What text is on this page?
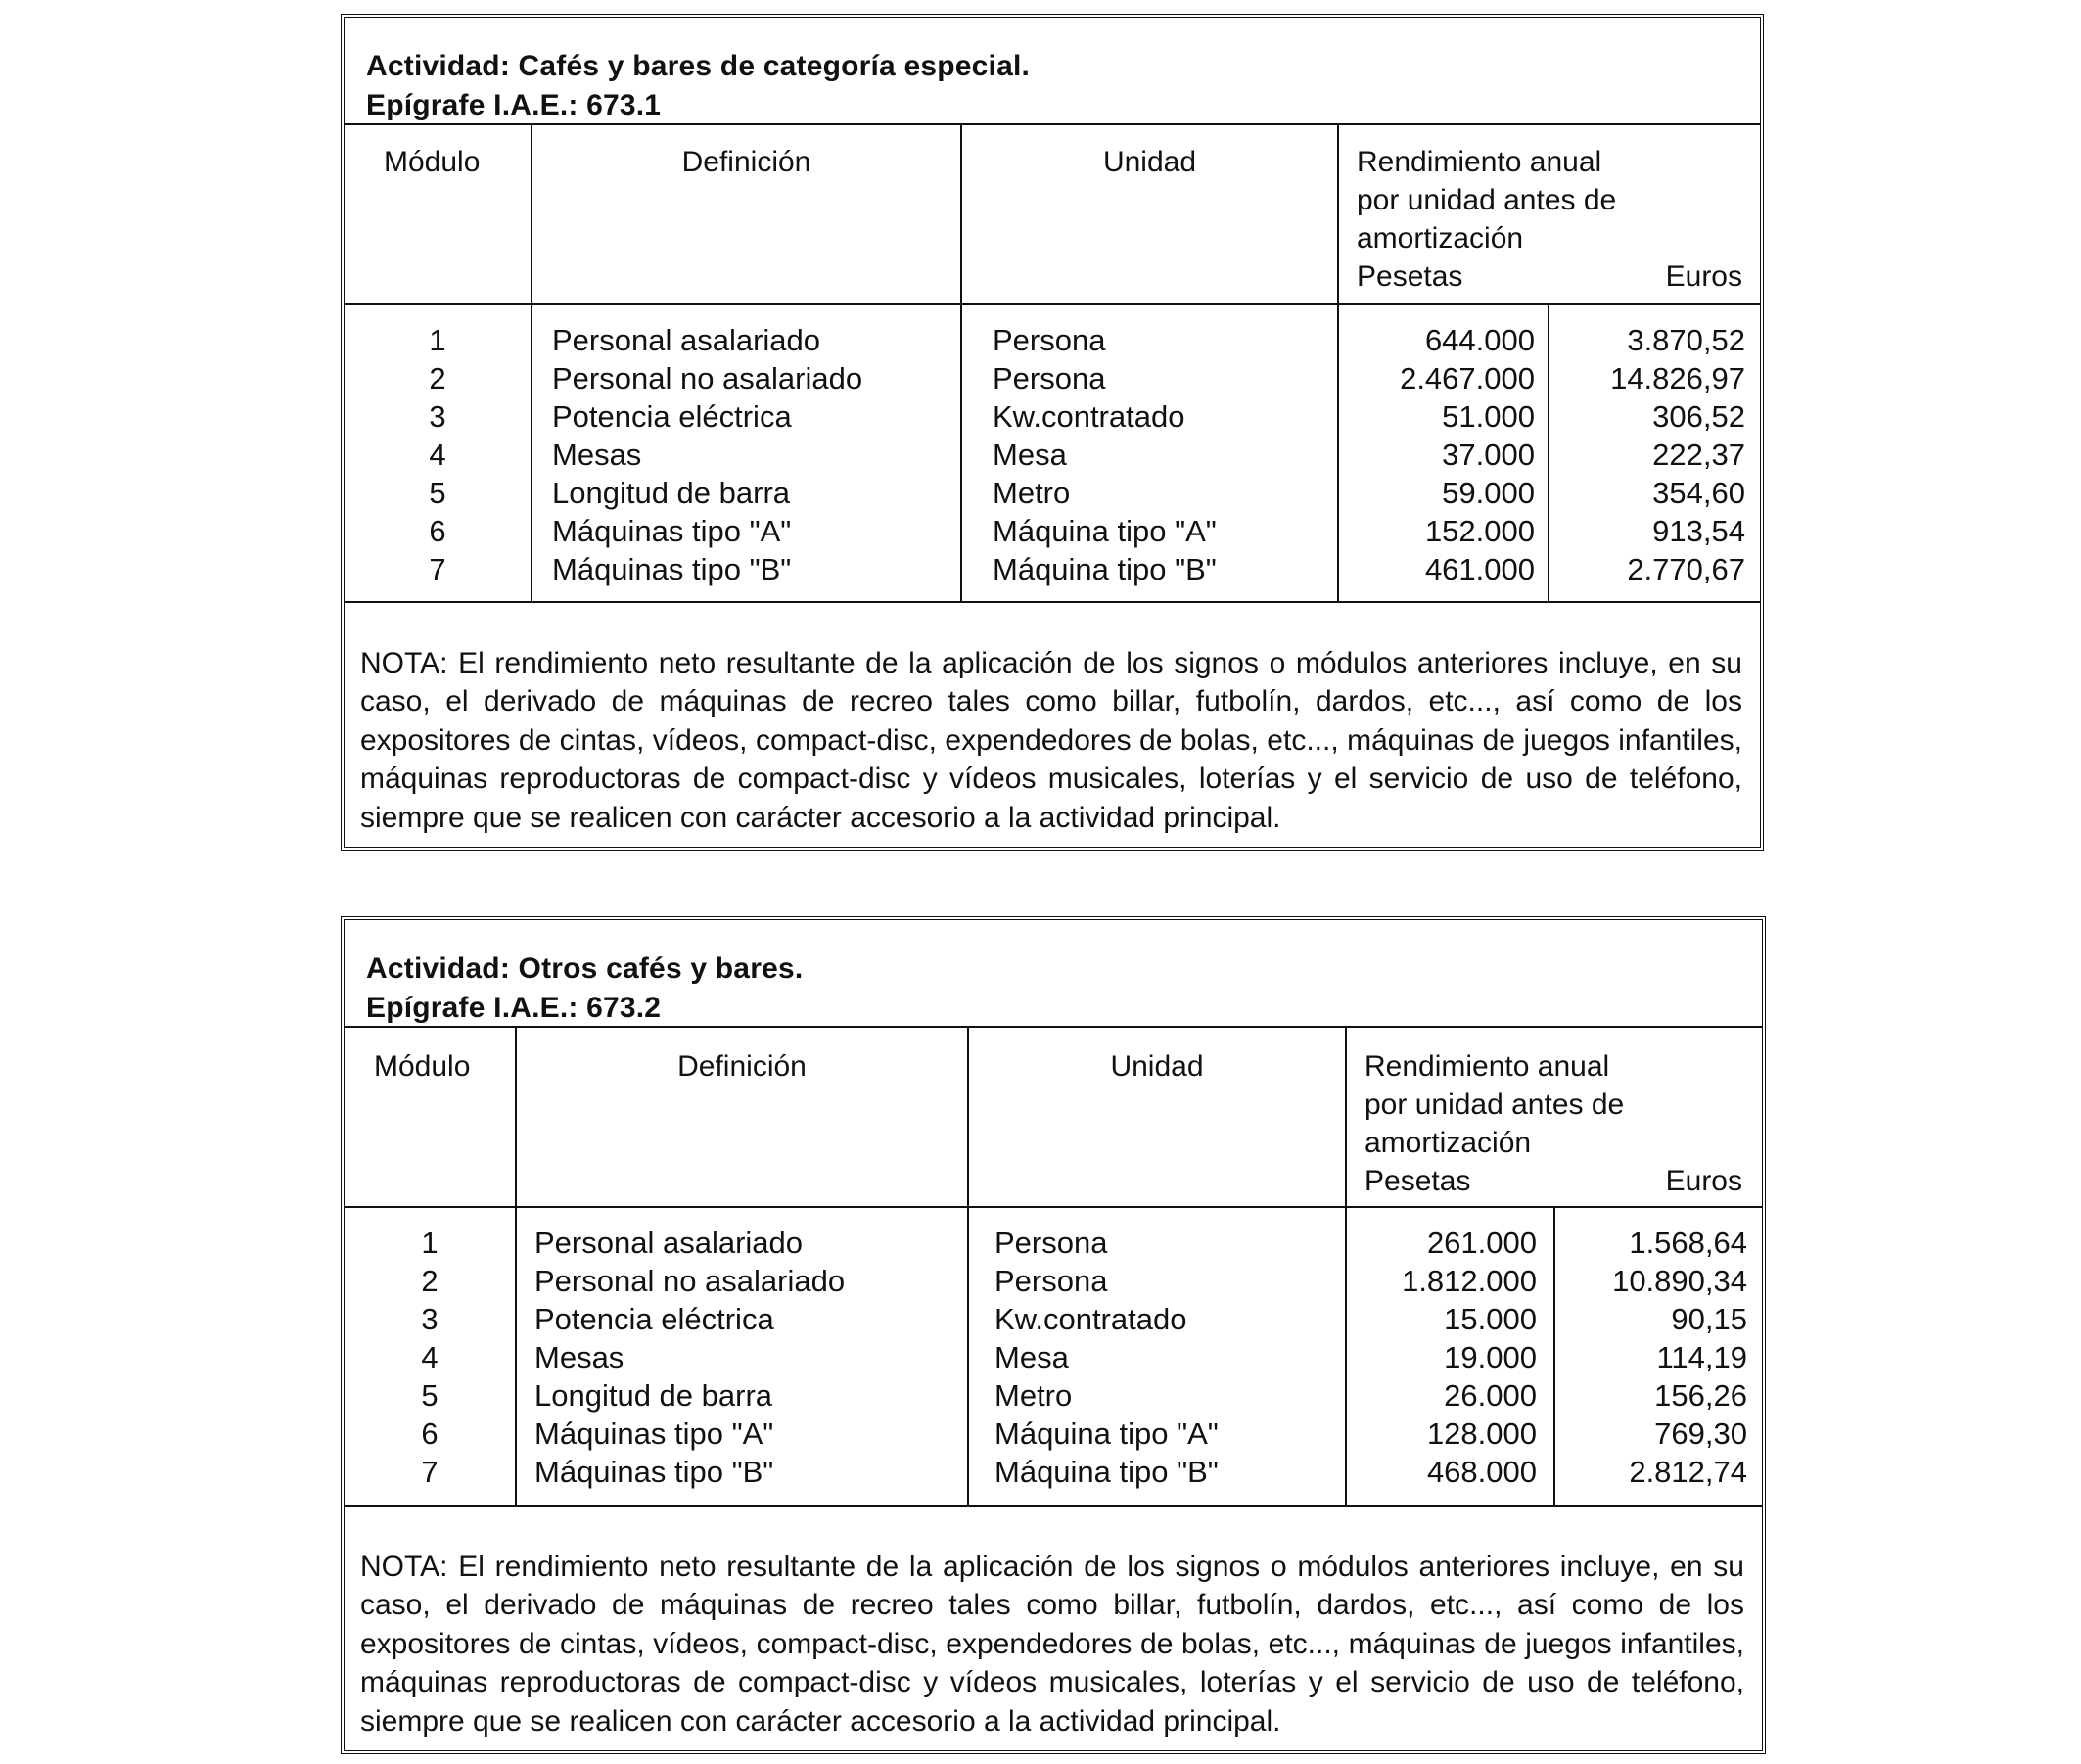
Actividad: Cafés y bares de categoría especial.
Epígrafe I.A.E.: 673.1
Módulo	Definición	Unidad	Rendimiento anual
por unidad antes de
amortización
Pesetas	Euros
1	Personal asalariado	Persona	644.000	3.870,52
2	Personal no asalariado	Persona	2.467.000	14.826,97
3	Potencia eléctrica	Kw.contratado	51.000	306,52
4	Mesas	Mesa	37.000	222,37
5	Longitud de barra	Metro	59.000	354,60
6	Máquinas tipo "A"	Máquina tipo "A"	152.000	913,54
7	Máquinas tipo "B"	Máquina tipo "B"	461.000	2.770,67
NOTA: El rendimiento neto resultante de la aplicación de los signos o módulos anteriores incluye, en su caso, el derivado de máquinas de recreo tales como billar, futbolín, dardos, etc..., así como de los expositores de cintas, vídeos, compact-disc, expendedores de bolas, etc..., máquinas de juegos infantiles, máquinas reproductoras de compact-disc y vídeos musicales, loterías y el servicio de uso de teléfono, siempre que se realicen con carácter accesorio a la actividad principal.
Actividad: Otros cafés y bares.
Epígrafe I.A.E.: 673.2
Módulo	Definición	Unidad	Rendimiento anual
por unidad antes de
amortización
Pesetas	Euros
1	Personal asalariado	Persona	261.000	1.568,64
2	Personal no asalariado	Persona	1.812.000	10.890,34
3	Potencia eléctrica	Kw.contratado	15.000	90,15
4	Mesas	Mesa	19.000	114,19
5	Longitud de barra	Metro	26.000	156,26
6	Máquinas tipo "A"	Máquina tipo "A"	128.000	769,30
7	Máquinas tipo "B"	Máquina tipo "B"	468.000	2.812,74
NOTA: El rendimiento neto resultante de la aplicación de los signos o módulos anteriores incluye, en su caso, el derivado de máquinas de recreo tales como billar, futbolín, dardos, etc..., así como de los expositores de cintas, vídeos, compact-disc, expendedores de bolas, etc..., máquinas de juegos infantiles, máquinas reproductoras de compact-disc y vídeos musicales, loterías y el servicio de uso de teléfono, siempre que se realicen con carácter accesorio a la actividad principal.
